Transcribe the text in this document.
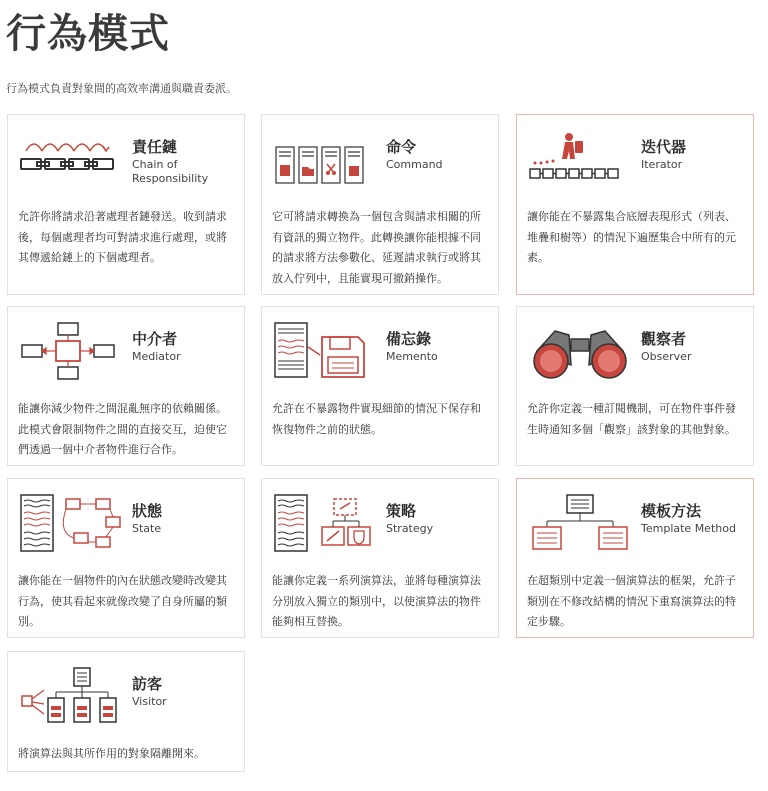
行為模式

行為模式負責對象間的高效率溝通與職責委派。

責任鏈
Chain of Responsibility
允許你將請求沿著處理者鏈發送。收到請求後，每個處理者均可對請求進行處理，或將其傳遞給鏈上的下個處理者。
命令
Command
它可將請求轉換為一個包含與請求相關的所有資訊的獨立物件。此轉換讓你能根據不同的請求將方法參數化、延遲請求執行或將其放入佇列中，且能實現可撤銷操作。
迭代器
Iterator
讓你能在不暴露集合底層表現形式（列表、堆疊和樹等）的情況下遍歷集合中所有的元素。
中介者
Mediator
能讓你減少物件之間混亂無序的依賴關係。此模式會限制物件之間的直接交互，迫使它們透過一個中介者物件進行合作。
備忘錄
Memento
允許在不暴露物件實現細節的情況下保存和恢復物件之前的狀態。
觀察者
Observer
允許你定義一種訂閱機制，可在物件事件發生時通知多個「觀察」該對象的其他對象。
狀態
State
讓你能在一個物件的內在狀態改變時改變其行為，使其看起來就像改變了自身所屬的類別。
策略
Strategy
能讓你定義一系列演算法，並將每種演算法分別放入獨立的類別中，以使演算法的物件能夠相互替換。
模板方法
Template Method
在超類別中定義一個演算法的框架，允許子類別在不修改結構的情況下重寫演算法的特定步驟。
訪客
Visitor
將演算法與其所作用的對象隔離開來。
